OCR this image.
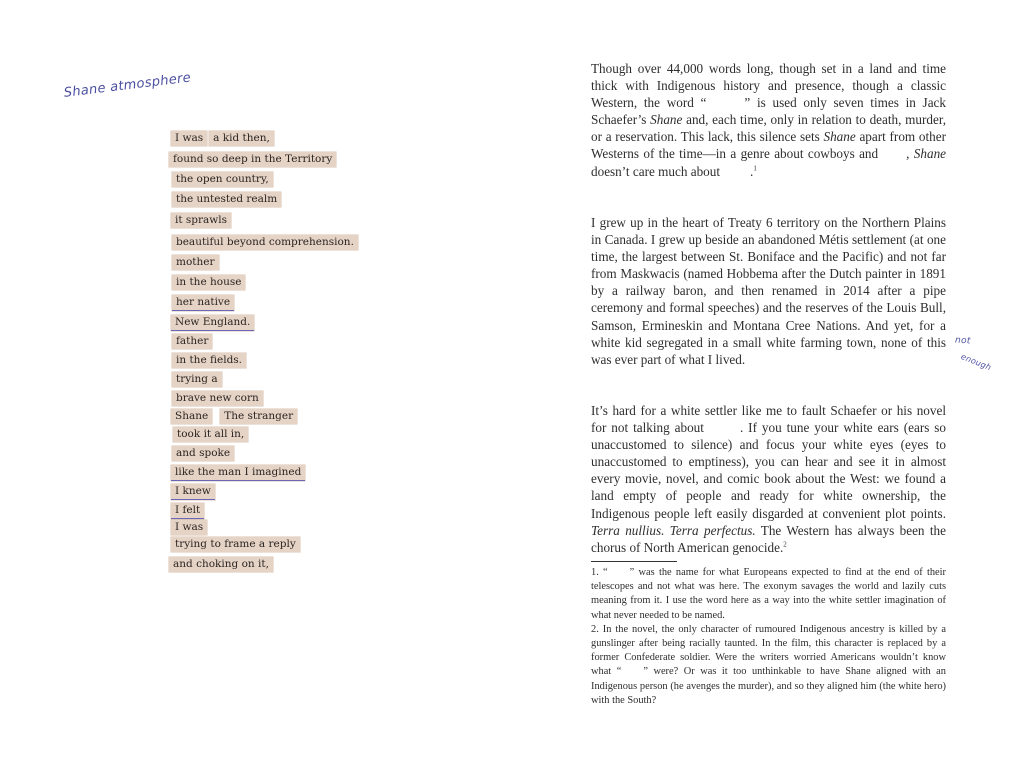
Shane atmosphere
I was a kid then,
found so deep in the Territory
the open country,
the untested realm
it sprawls
beautiful beyond comprehension.
mother
in the house
her native
New England.
father
in the fields.
trying a
brave new corn
Shane	The stranger
took it all in,
and spoke
like the man I imagined
I knew
I felt
I was
trying to frame a reply
and choking on it,

Though over 44,000 words long, though set in a land and time thick with Indigenous history and presence, though a classic Western, the word “	” is used only seven times in Jack Schaefer’s Shane and, each time, only in relation to death, murder, or a reservation. This lack, this silence sets Shane apart from other Westerns of the time—in a genre about cowboys and , Shane doesn’t care much about .$^1$

I grew up in the heart of Treaty 6 territory on the Northern Plains in Canada. I grew up beside an abandoned Métis settlement (at one time, the largest between St. Boniface and the Pacific) and not far from Maskwacis (named Hobbema after the Dutch painter in 1891 by a railway baron, and then renamed in 2014 after a pipe ceremony and formal speeches) and the reserves of the Louis Bull, Samson, Ermineskin and Montana Cree Nations. And yet, for a white kid segregated in a small white farming town, none of this was ever part of what I lived.

not
enough

It’s hard for a white settler like me to fault Schaefer or his novel for not talking about	. If you tune your white ears (ears so unaccustomed to silence) and focus your white eyes (eyes to unaccustomed to emptiness), you can hear and see it in almost every movie, novel, and comic book about the West: we found a land empty of people and ready for white ownership, the Indigenous people left easily disgarded at convenient plot points. Terra nullius. Terra perfectus. The Western has always been the chorus of North American genocide.$^2$

1. “ ” was the name for what Europeans expected to find at the end of their telescopes and not what was here. The exonym savages the world and lazily cuts meaning from it. I use the word here as a way into the white settler imagination of what never needed to be named.

2. In the novel, the only character of rumoured Indigenous ancestry is killed by a gunslinger after being racially taunted. In the film, this character is replaced by a former Confederate soldier. Were the writers worried Americans wouldn’t know what “ ” were? Or was it too unthinkable to have Shane aligned with an Indigenous person (he avenges the murder), and so they aligned him (the white hero) with the South?
